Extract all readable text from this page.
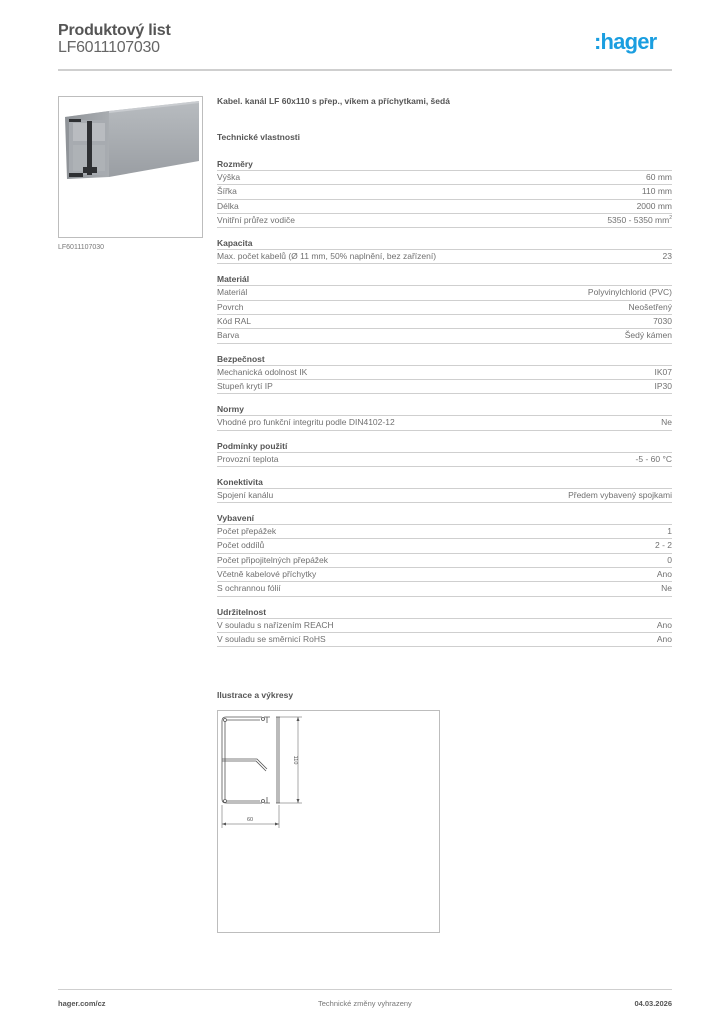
Produktový list
LF6011107030	:hager
LF6011107030
Kabel. kanál LF 60x110 s přep., víkem a příchytkami, šedá
Technické vlastnosti
Rozměry
Výška	60 mm
Šířka	110 mm
Délka	2000 mm
Vnitřní průřez vodiče	5350 - 5350 $mm^2$
Kapacita
Max. počet kabelů (Ø 11 mm, 50% naplnění, bez zařízení)	23
Materiál
Materiál	Polyvinylchlorid (PVC)
Povrch	Neošetřený
Kód RAL	7030
Barva	Šedý kámen
Bezpečnost
Mechanická odolnost IK	IK07
Stupeň krytí IP	IP30
Normy
Vhodné pro funkční integritu podle DIN4102-12	Ne
Podmínky použití
Provozní teplota	-5 - 60 °C
Konektivita
Spojení kanálu	Předem vybavený spojkami
Vybavení
Počet přepážek	1
Počet oddílů	2 - 2
Počet připojitelných přepážek	0
Včetně kabelové příchytky	Ano
S ochrannou fólií	Ne
Udržitelnost
V souladu s nařízením REACH	Ano
V souladu se směrnicí RoHS	Ano
Ilustrace a výkresy
110
60
hager.com/cz	Technické změny vyhrazeny	04.03.2026
